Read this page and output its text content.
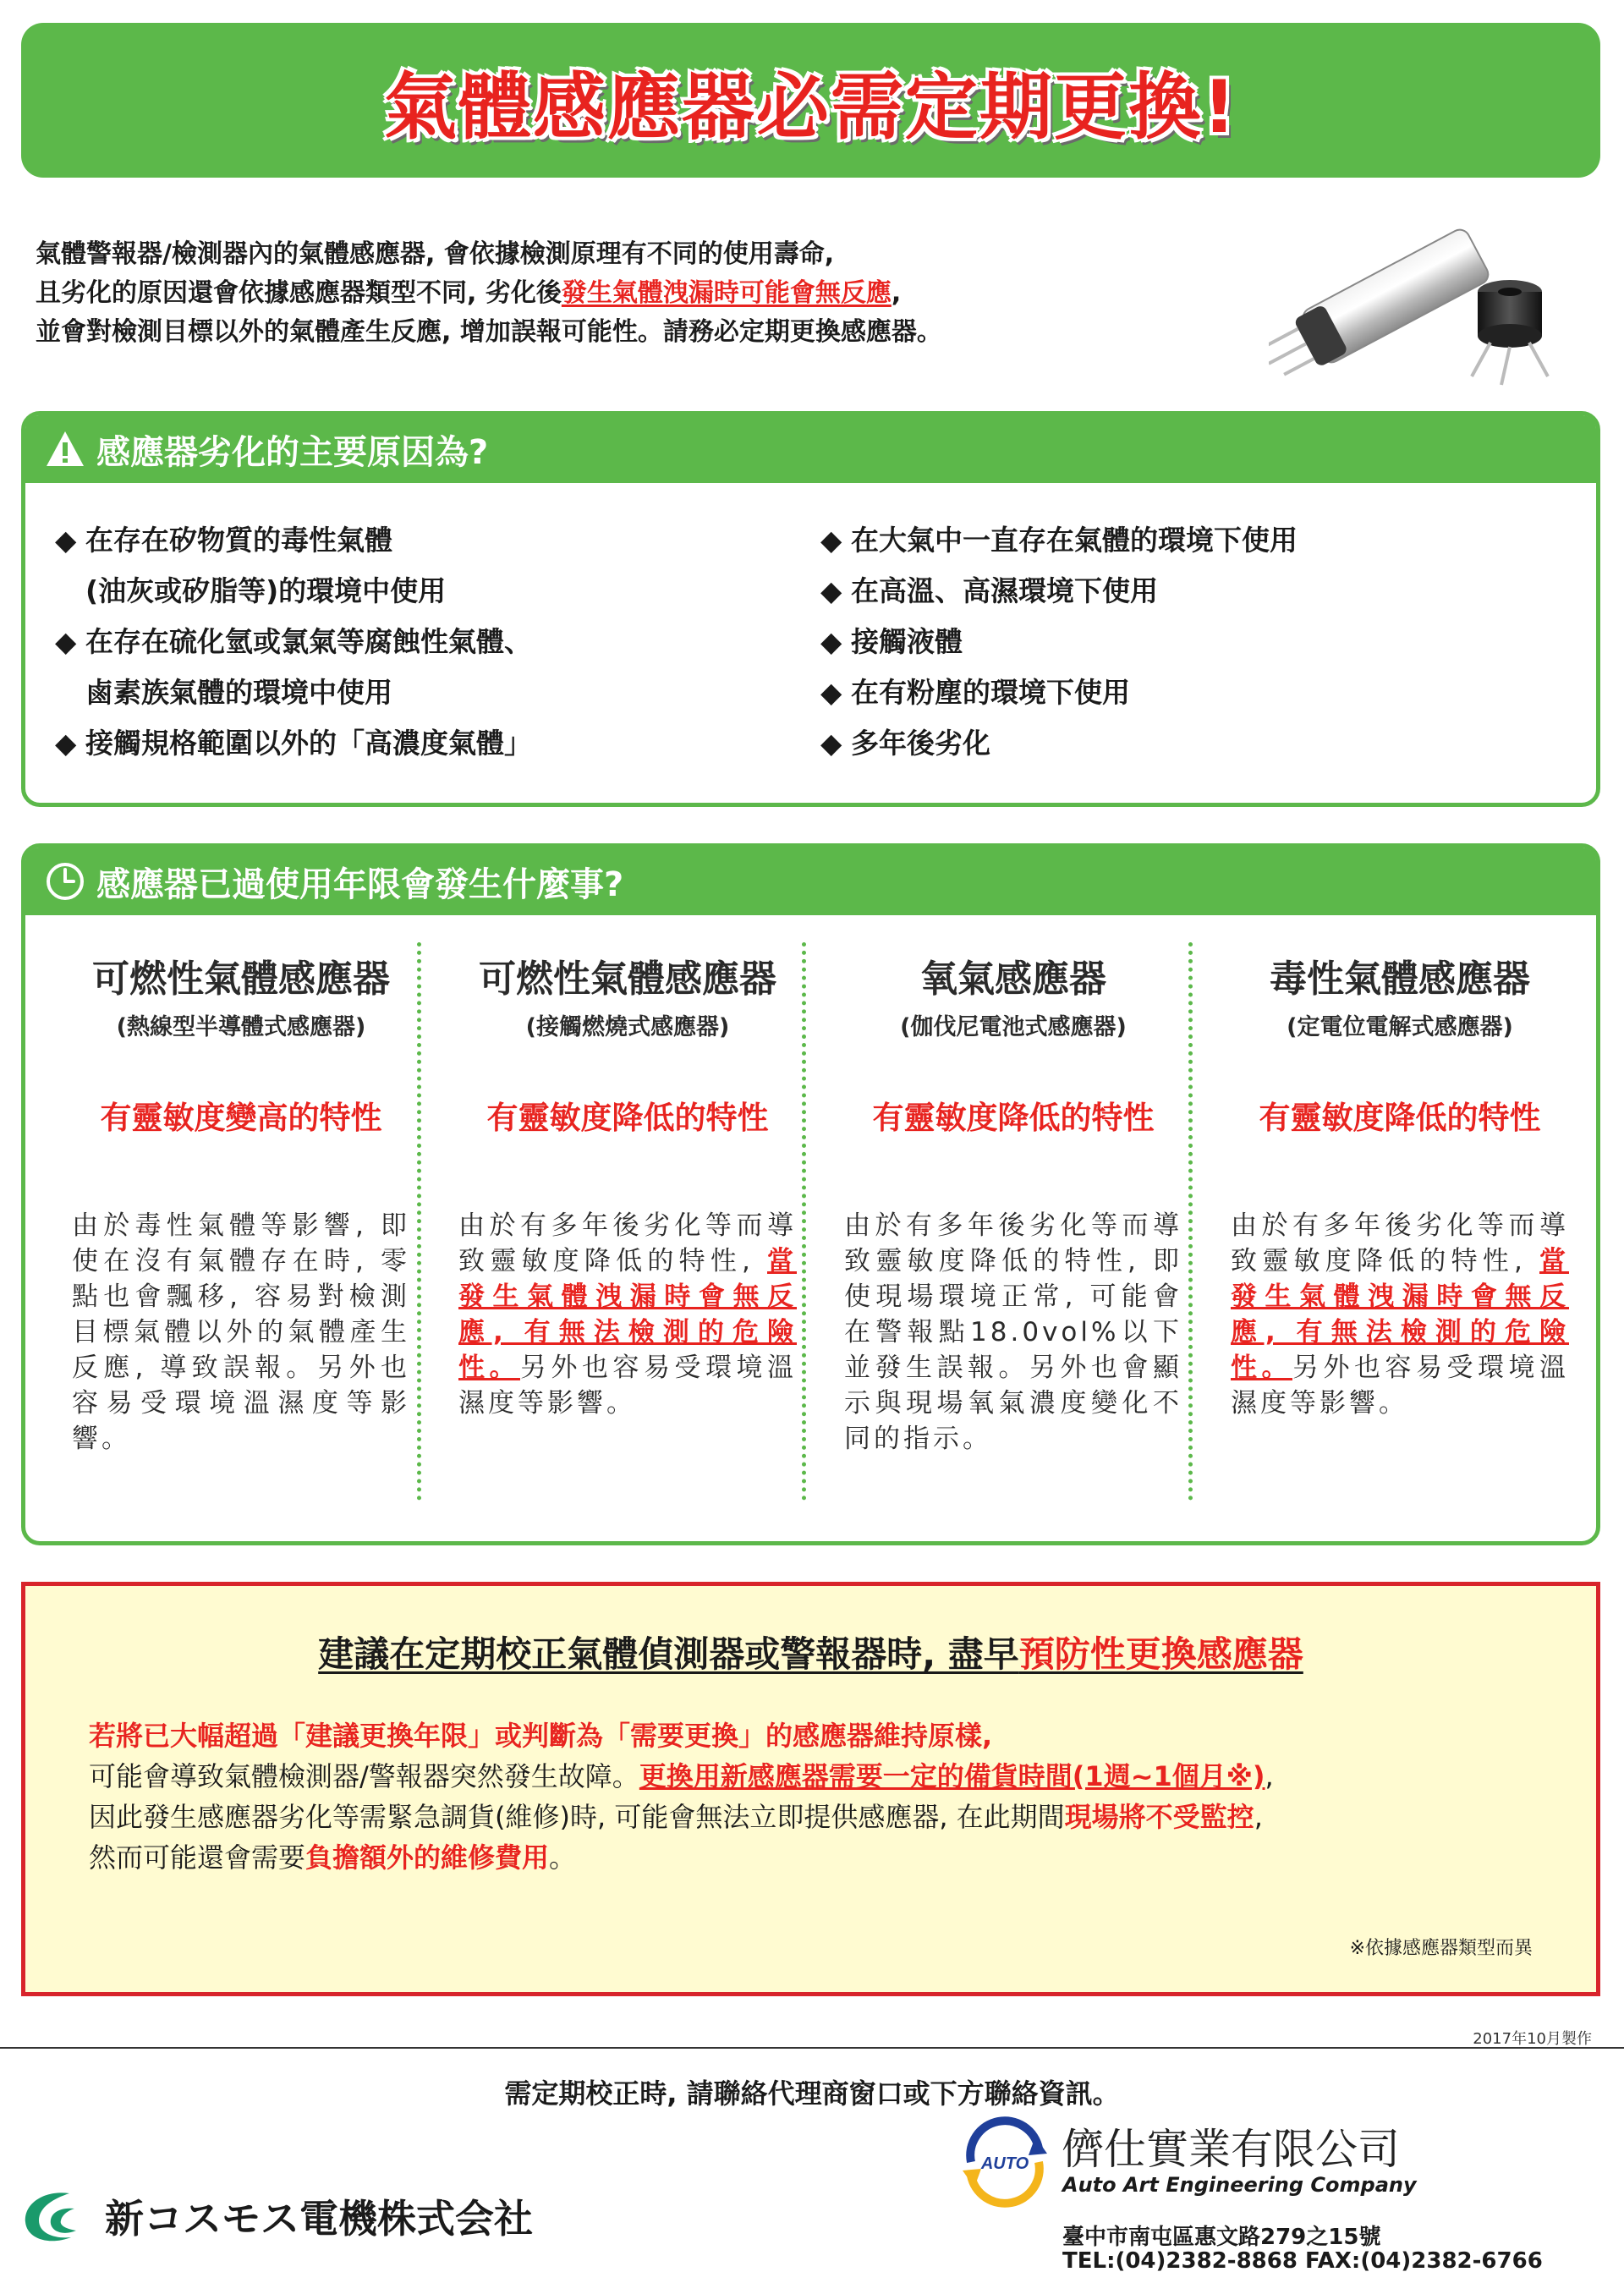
氣體感應器必需定期更換!
氣體警報器/檢測器內的氣體感應器, 會依據檢測原理有不同的使用壽命,
且劣化的原因還會依據感應器類型不同, 劣化後發生氣體洩漏時可能會無反應,
並會對檢測目標以外的氣體產生反應, 增加誤報可能性。請務必定期更換感應器。
感應器劣化的主要原因為?
◆ 在存在矽物質的毒性氣體
(油灰或矽脂等)的環境中使用
◆ 在存在硫化氫或氯氣等腐蝕性氣體、
鹵素族氣體的環境中使用
◆ 接觸規格範圍以外的「高濃度氣體」
◆ 在大氣中一直存在氣體的環境下使用
◆ 在高溫、高濕環境下使用
◆ 接觸液體
◆ 在有粉塵的環境下使用
◆ 多年後劣化
感應器已過使用年限會發生什麼事?
可燃性氣體感應器
(熱線型半導體式感應器)
有靈敏度變高的特性
由於毒性氣體等影響, 即使在沒有氣體存在時, 零點也會飄移, 容易對檢測目標氣體以外的氣體產生反應, 導致誤報。另外也容易受環境溫濕度等影響。
可燃性氣體感應器
(接觸燃燒式感應器)
有靈敏度降低的特性
由於有多年後劣化等而導致靈敏度降低的特性, 當發生氣體洩漏時會無反應, 有無法檢測的危險性。另外也容易受環境溫濕度等影響。
氧氣感應器
(伽伐尼電池式感應器)
有靈敏度降低的特性
由於有多年後劣化等而導致靈敏度降低的特性, 即使現場環境正常, 可能會在警報點18.0vol%以下並發生誤報。另外也會顯示與現場氧氣濃度變化不同的指示。
毒性氣體感應器
(定電位電解式感應器)
有靈敏度降低的特性
由於有多年後劣化等而導致靈敏度降低的特性, 當發生氣體洩漏時會無反應, 有無法檢測的危險性。另外也容易受環境溫濕度等影響。
建議在定期校正氣體偵測器或警報器時, 盡早預防性更換感應器
若將已大幅超過「建議更換年限」或判斷為「需要更換」的感應器維持原樣,
可能會導致氣體檢測器/警報器突然發生故障。更換用新感應器需要一定的備貨時間(1週~1個月※),
因此發生感應器劣化等需緊急調貨(維修)時, 可能會無法立即提供感應器, 在此期間現場將不受監控,
然而可能還會需要負擔額外的維修費用。
※依據感應器類型而異
2017年10月製作
需定期校正時, 請聯絡代理商窗口或下方聯絡資訊。
新コスモス電機株式会社
AUTO 儕仕實業有限公司
Auto Art Engineering Company
臺中市南屯區惠文路279之15號
TEL:(04)2382-8868 FAX:(04)2382-6766
